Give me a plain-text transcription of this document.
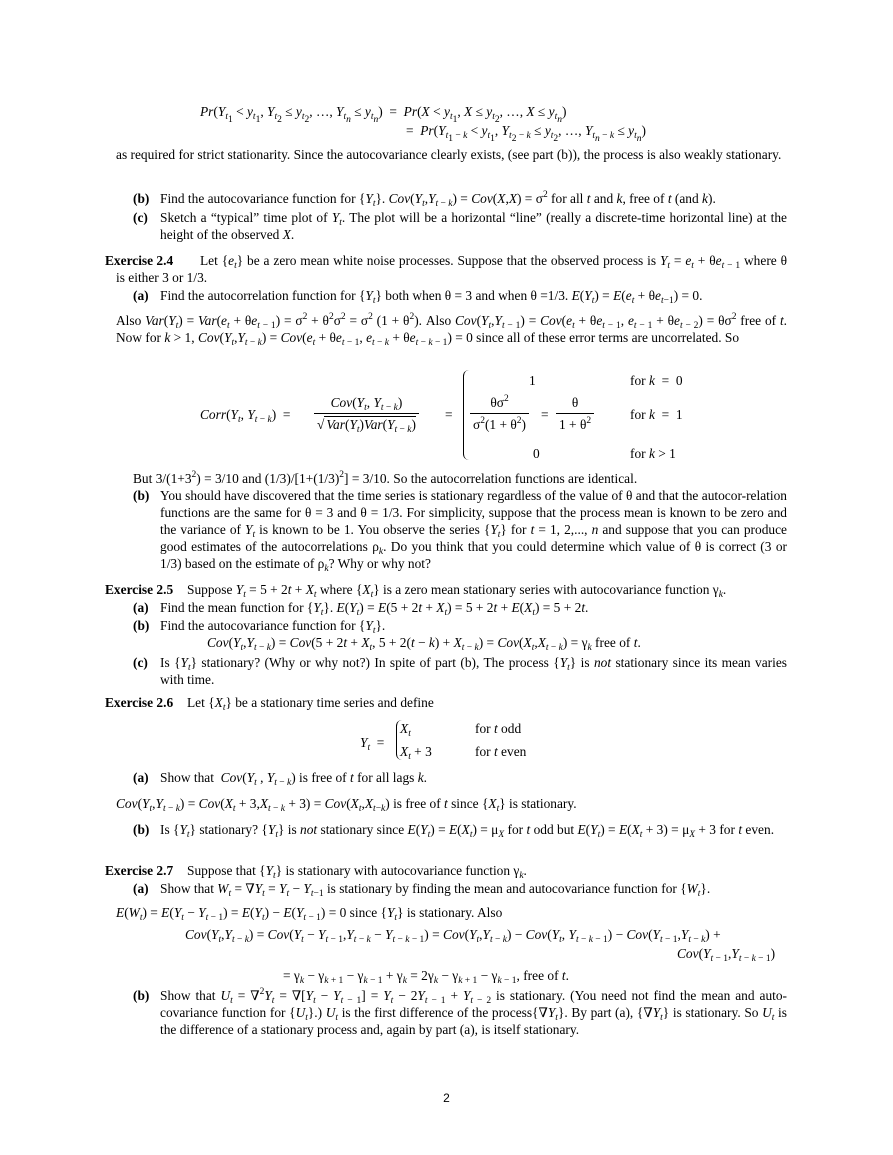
$Pr(Y_{t_1} < y_{t_1}$, $Y_{t_2} \le y_{t_2}$, …, $Y_{t_n} \le y_{t_n}) = Pr(X < y_{t_1}$, $X \le y_{t_2}$, …, $X \le y_{t_n}$)
=  $Pr(Y_{t_1 - k} < y_{t_1}$, $Y_{t_2 - k} \le y_{t_2}$, …, $Y_{t_n - k} \le y_{t_n}$)
as required for strict stationarity. Since the autocovariance clearly exists, (see part (b)), the process is also weakly stationary.
(b) Find the autocovariance function for $\{Y_t\}$. $Cov(Y_t,Y_{t - k}) = Cov(X,X) = \sigma^2$ for all t and k, free of t (and k).
(c) Sketch a “typical” time plot of $Y_t$. The plot will be a horizontal “line” (really a discrete-time horizontal line) at the height of the observed X.
Exercise 2.4	Let $\{e_t\}$ be a zero mean white noise processes. Suppose that the observed process is $Y_t = e_t + \theta e_{t - 1}$ where θ is either 3 or 1/3.
(a) Find the autocorrelation function for $\{Y_t\}$ both when θ = 3 and when θ =1/3. $E(Y_t) = E(e_t + \theta e_{t-1}) = 0$.
Also $Var(Y_t) = Var(e_t + \theta e_{t - 1}) = \sigma^2 + \theta^2\sigma^2 = \sigma^2$ $(1 + \theta^2)$. Also $Cov(Y_t,Y_{t - 1}) = Cov(e_t + \theta e_{t - 1}$, $e_{t - 1} + \theta e_{t - 2}) = \theta\sigma^2$ free of t. Now for k > 1, $Cov(Y_t,Y_{t - k}) = Cov(e_t + \theta e_{t - 1}$, $e_{t - k} + \theta e_{t - k - 1}) = 0$ since all of these error terms are uncorrelated. So
$Corr(Y_t$, $Y_{t - k}) = \frac{Cov(Y_t, Y_{t - k})}{√ Var(Y_t)Var(Y_{t - k})}$ =
1	for k  =  0
$\frac{\theta\sigma^2}{\sigma^2(1 + \theta^2)} = \frac{\theta}{1 + \theta^2}$	for k  =  1
0	for k > 1
But $3/(1+3^2) = 3/10$ and $(1/3)/[1+(1/3)^2] = 3/10$. So the autocorrelation functions are identical.
(b) You should have discovered that the time series is stationary regardless of the value of θ and that the autocor-relation functions are the same for θ = 3 and θ = 1/3. For simplicity, suppose that the process mean is known to be zero and the variance of $Y_t$ is known to be 1. You observe the series $\{Y_t\}$ for t = 1, 2,..., n and suppose that you can produce good estimates of the autocorrelations $\rho_k$. Do you think that you could determine which value of θ is correct (3 or 1/3) based on the estimate of $\rho_k$? Why or why not?
Exercise 2.5 Suppose $Y_t = 5 + 2t + X_t$ where $\{X_t\}$ is a zero mean stationary series with autocovariance function $\gamma_k$.
(a) Find the mean function for $\{Y_t\}$. $E(Y_t) = E(5 + 2t + X_t) = 5 + 2t + E(X_t) = 5 + 2t$.
(b) Find the autocovariance function for $\{Y_t\}$.
$Cov(Y_t,Y_{t - k}) = Cov(5 + 2t + X_t$, $5 + 2(t - k) + X_{t - k}) = Cov(X_t,X_{t - k}) = \gamma_k$ free of t.
(c) Is $\{Y_t\}$ stationary? (Why or why not?) In spite of part (b), The process $\{Y_t\}$ is not stationary since its mean varies with time.
Exercise 2.6 Let $\{X_t\}$ be a stationary time series and define
$Y_t$  =
$X_t$	for t odd
$X_t + 3$	for t even
(a) Show that  $Cov(Y_t$ , $Y_{t - k}$) is free of t for all lags k.
$Cov(Y_t,Y_{t - k}) = Cov(X_t + 3,X_{t - k} + 3) = Cov(X_t,X_{t-k})$ is free of t since $\{X_t\}$ is stationary.
(b) Is $\{Y_t\}$ stationary? $\{Y_t\}$ is not stationary since $E(Y_t) = E(X_t) = \mu_X$ for t odd but $E(Y_t) = E(X_t + 3) = \mu_X + 3$ for t even.
Exercise 2.7 Suppose that $\{Y_t\}$ is stationary with autocovariance function $\gamma_k$.
(a) Show that $W_t = \nabla Y_t = Y_t - Y_{t-1}$ is stationary by finding the mean and autocovariance function for $\{W_t\}$.
$E(W_t) = E(Y_t - Y_{t - 1}) = E(Y_t) - E(Y_{t - 1}) = 0$ since $\{Y_t\}$ is stationary. Also
$Cov(Y_t,Y_{t - k}) = Cov(Y_t - Y_{t - 1},Y_{t - k} - Y_{t - k - 1}) = Cov(Y_t,Y_{t - k}) - Cov(Y_t$, $Y_{t - k - 1}) - Cov(Y_{t - 1},Y_{t - k})$ +
$Cov(Y_{t - 1},Y_{t - k - 1})$
= $\gamma_k - \gamma_{k + 1} - \gamma_{k - 1} + \gamma_k = 2\gamma_k - \gamma_{k + 1} - \gamma_{k - 1}$, free of t.
(b) Show that $U_t = \nabla^2Y_t = \nabla[Y_t - Y_{t - 1}] = Y_t - 2Y_{t - 1} + Y_{t - 2}$ is stationary. (You need not find the mean and auto-covariance function for $\{U_t\}$.) $U_t$ is the first difference of the $process\{\nabla Y_t\}$. By part (a), $\{\nabla Y_t\}$ is stationary. So $U_t$ is the difference of a stationary process and, again by part (a), is itself stationary.
2
